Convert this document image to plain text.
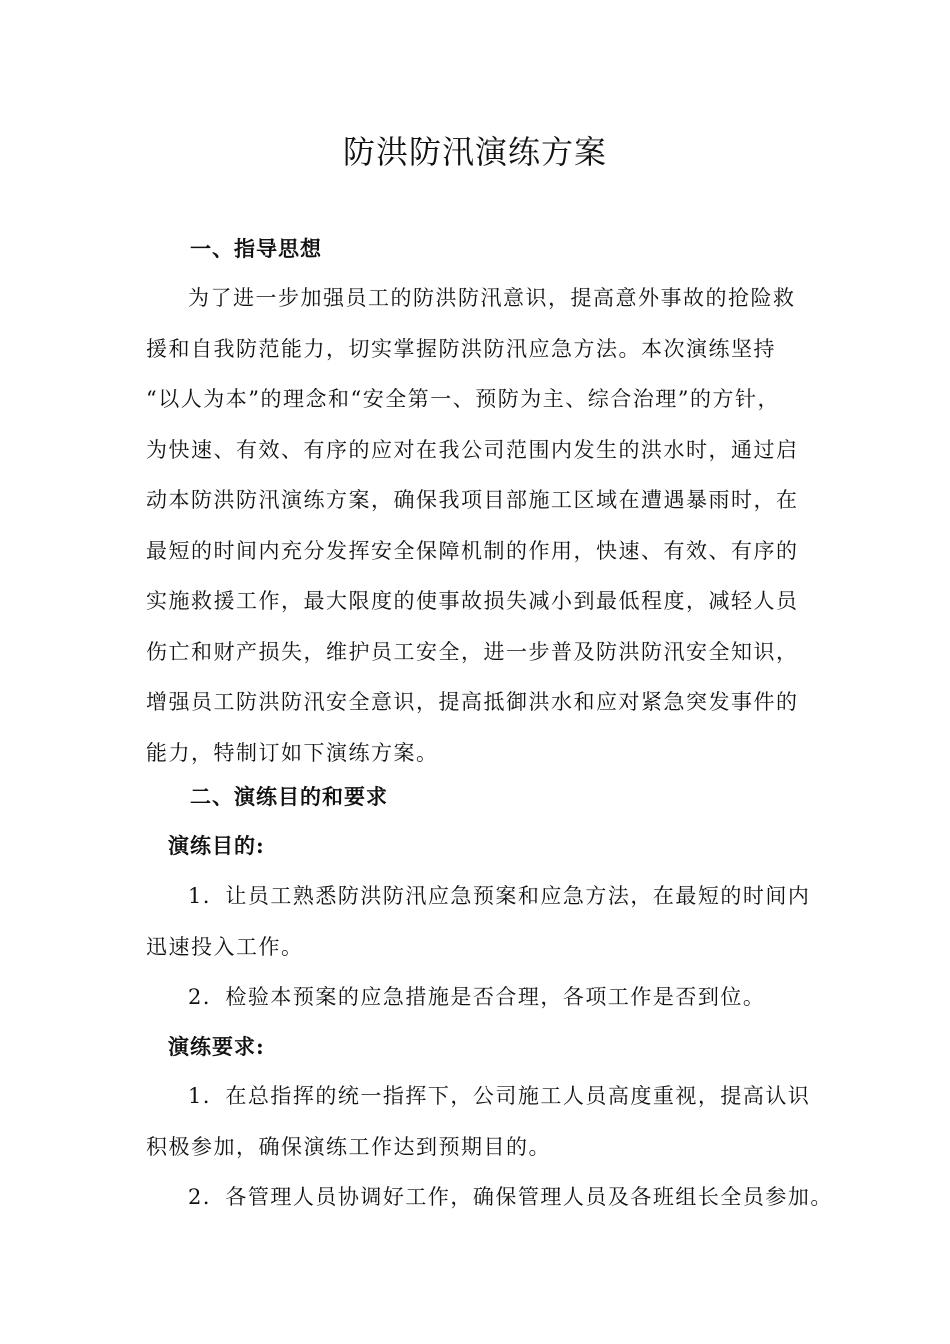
防洪防汛演练方案
一、指导思想
为了进一步加强员工的防洪防汛意识，提高意外事故的抢险救
援和自我防范能力，切实掌握防洪防汛应急方法。本次演练坚持
“以人为本”的理念和“安全第一、预防为主、综合治理”的方针，
为快速、有效、有序的应对在我公司范围内发生的洪水时，通过启
动本防洪防汛演练方案，确保我项目部施工区域在遭遇暴雨时，在
最短的时间内充分发挥安全保障机制的作用，快速、有效、有序的
实施救援工作，最大限度的使事故损失减小到最低程度，减轻人员
伤亡和财产损失，维护员工安全，进一步普及防洪防汛安全知识，
增强员工防洪防汛安全意识，提高抵御洪水和应对紧急突发事件的
能力，特制订如下演练方案。
二、演练目的和要求
演练目的:
1．让员工熟悉防洪防汛应急预案和应急方法，在最短的时间内
迅速投入工作。
2．检验本预案的应急措施是否合理，各项工作是否到位。
演练要求:
1．在总指挥的统一指挥下，公司施工人员高度重视，提高认识
积极参加，确保演练工作达到预期目的。
2．各管理人员协调好工作，确保管理人员及各班组长全员参加。
